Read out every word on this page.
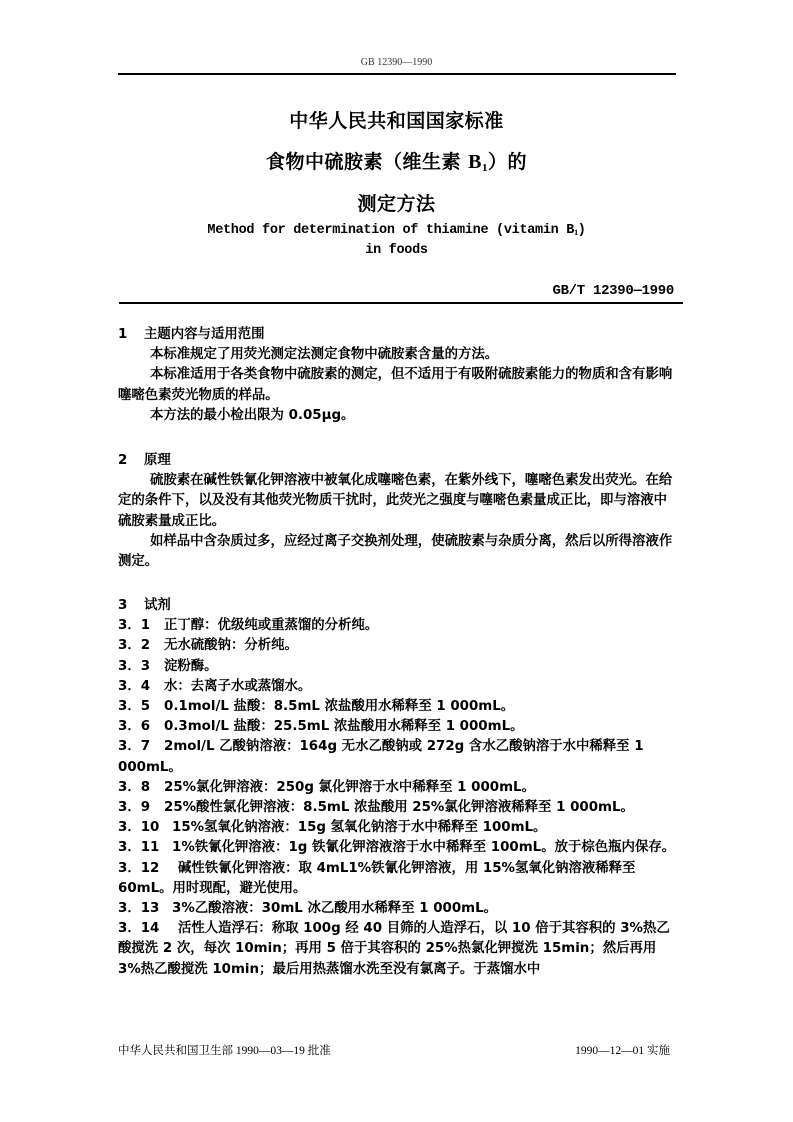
GB 12390—1990
中华人民共和国国家标准
食物中硫胺素（维生素 $B_1$）的
测定方法
Method for determination of thiamine (vitamin $B_1$)
in foods
GB/T 12390—1990

1 主题内容与适用范围

本标准规定了用荧光测定法测定食物中硫胺素含量的方法。

本标准适用于各类食物中硫胺素的测定，但不适用于有吸附硫胺素能力的物质和含有影响噻嘧色素荧光物质的样品。

本方法的最小检出限为 0.05μg。

2 原理

硫胺素在碱性铁氰化钾溶液中被氧化成噻嘧色素，在紫外线下，噻嘧色素发出荧光。在给定的条件下，以及没有其他荧光物质干扰时，此荧光之强度与噻嘧色素量成正比，即与溶液中硫胺素量成正比。

如样品中含杂质过多，应经过离子交换剂处理，使硫胺素与杂质分离，然后以所得溶液作测定。

3 试剂

3．1 正丁醇：优级纯或重蒸馏的分析纯。

3．2 无水硫酸钠：分析纯。

3．3 淀粉酶。

3．4 水：去离子水或蒸馏水。

3．5 0.1mol/L 盐酸：8.5mL 浓盐酸用水稀释至 1 000mL。

3．6 0.3mol/L 盐酸：25.5mL 浓盐酸用水稀释至 1 000mL。

3．7 2mol/L 乙酸钠溶液：164g 无水乙酸钠或 272g 含水乙酸钠溶于水中稀释至 1 000mL。

3．8 25%氯化钾溶液：250g 氯化钾溶于水中稀释至 1 000mL。

3．9 25%酸性氯化钾溶液：8.5mL 浓盐酸用 25%氯化钾溶液稀释至 1 000mL。

3．10 15%氢氧化钠溶液：15g 氢氧化钠溶于水中稀释至 100mL。

3．11 1%铁氰化钾溶液：1g 铁氰化钾溶液溶于水中稀释至 100mL。放于棕色瓶内保存。

3．12 碱性铁氰化钾溶液：取 4mL1%铁氰化钾溶液，用 15%氢氧化钠溶液稀释至 60mL。用时现配，避光使用。

3．13 3%乙酸溶液：30mL 冰乙酸用水稀释至 1 000mL。

3．14 活性人造浮石：称取 100g 经 40 目筛的人造浮石，以 10 倍于其容积的 3%热乙酸搅洗 2 次，每次 10min；再用 5 倍于其容积的 25%热氯化钾搅洗 15min；然后再用 3%热乙酸搅洗 10min；最后用热蒸馏水洗至没有氯离子。于蒸馏水中

中华人民共和国卫生部 1990—03—19 批准	1990—12—01 实施
